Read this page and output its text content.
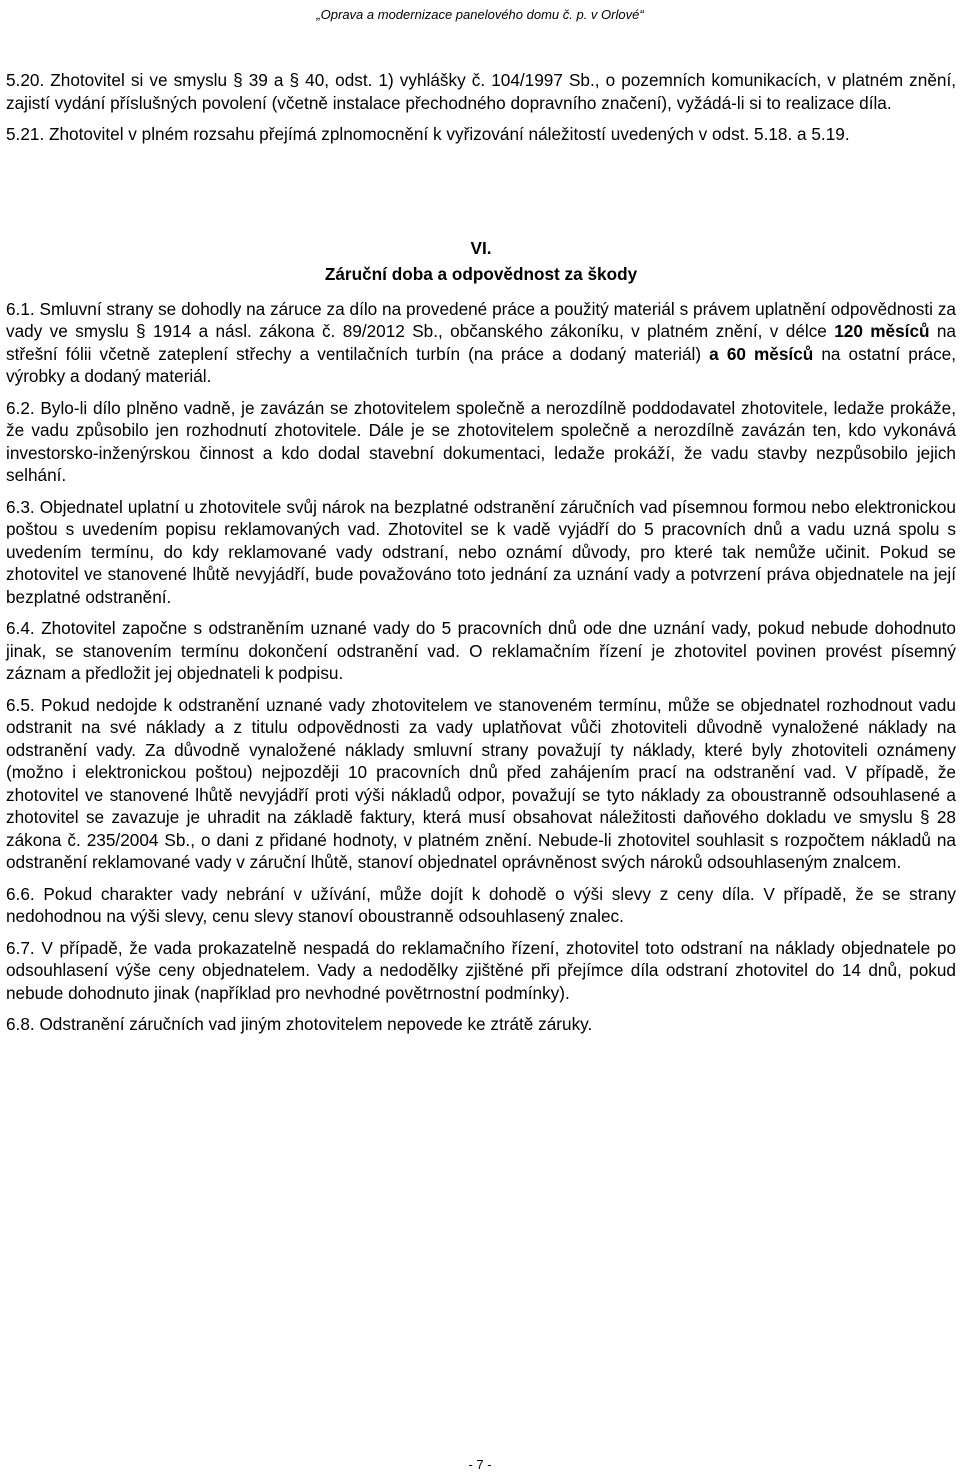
„Oprava a modernizace panelového domu č. p. v Orlové“

5.20. Zhotovitel si ve smyslu § 39 a § 40, odst. 1) vyhlášky č. 104/1997 Sb., o pozemních komunikacích, v platném znění, zajistí vydání příslušných povolení (včetně instalace přechodného dopravního značení), vyžádá-li si to realizace díla.

5.21. Zhotovitel v plném rozsahu přejímá zplnomocnění k vyřizování náležitostí uvedených v odst. 5.18. a 5.19.

VI.

Záruční doba a odpovědnost za škody

6.1. Smluvní strany se dohodly na záruce za dílo na provedené práce a použitý materiál s právem uplatnění odpovědnosti za vady ve smyslu § 1914 a násl. zákona č. 89/2012 Sb., občanského zákoníku, v platném znění, v délce 120 měsíců na střešní fólii včetně zateplení střechy a ventilačních turbín (na práce a dodaný materiál) a 60 měsíců na ostatní práce, výrobky a dodaný materiál.

6.2. Bylo-li dílo plněno vadně, je zavázán se zhotovitelem společně a nerozdílně poddodavatel zhotovitele, ledaže prokáže, že vadu způsobilo jen rozhodnutí zhotovitele. Dále je se zhotovitelem společně a nerozdílně zavázán ten, kdo vykonává investorsko-inženýrskou činnost a kdo dodal stavební dokumentaci, ledaže prokáží, že vadu stavby nezpůsobilo jejich selhání.

6.3. Objednatel uplatní u zhotovitele svůj nárok na bezplatné odstranění záručních vad písemnou formou nebo elektronickou poštou s uvedením popisu reklamovaných vad. Zhotovitel se k vadě vyjádří do 5 pracovních dnů a vadu uzná spolu s uvedením termínu, do kdy reklamované vady odstraní, nebo oznámí důvody, pro které tak nemůže učinit. Pokud se zhotovitel ve stanovené lhůtě nevyjádří, bude považováno toto jednání za uznání vady a potvrzení práva objednatele na její bezplatné odstranění.

6.4. Zhotovitel započne s odstraněním uznané vady do 5 pracovních dnů ode dne uznání vady, pokud nebude dohodnuto jinak, se stanovením termínu dokončení odstranění vad. O reklamačním řízení je zhotovitel povinen provést písemný záznam a předložit jej objednateli k podpisu.

6.5. Pokud nedojde k odstranění uznané vady zhotovitelem ve stanoveném termínu, může se objednatel rozhodnout vadu odstranit na své náklady a z titulu odpovědnosti za vady uplatňovat vůči zhotoviteli důvodně vynaložené náklady na odstranění vady. Za důvodně vynaložené náklady smluvní strany považují ty náklady, které byly zhotoviteli oznámeny (možno i elektronickou poštou) nejpozději 10 pracovních dnů před zahájením prací na odstranění vad. V případě, že zhotovitel ve stanovené lhůtě nevyjádří proti výši nákladů odpor, považují se tyto náklady za oboustranně odsouhlasené a zhotovitel se zavazuje je uhradit na základě faktury, která musí obsahovat náležitosti daňového dokladu ve smyslu § 28 zákona č. 235/2004 Sb., o dani z přidané hodnoty, v platném znění. Nebude-li zhotovitel souhlasit s rozpočtem nákladů na odstranění reklamované vady v záruční lhůtě, stanoví objednatel oprávněnost svých nároků odsouhlaseným znalcem.

6.6. Pokud charakter vady nebrání v užívání, může dojít k dohodě o výši slevy z ceny díla. V případě, že se strany nedohodnou na výši slevy, cenu slevy stanoví oboustranně odsouhlasený znalec.

6.7. V případě, že vada prokazatelně nespadá do reklamačního řízení, zhotovitel toto odstraní na náklady objednatele po odsouhlasení výše ceny objednatelem. Vady a nedodělky zjištěné při přejímce díla odstraní zhotovitel do 14 dnů, pokud nebude dohodnuto jinak (například pro nevhodné povětrnostní podmínky).

6.8. Odstranění záručních vad jiným zhotovitelem nepovede ke ztrátě záruky.

- 7 -
